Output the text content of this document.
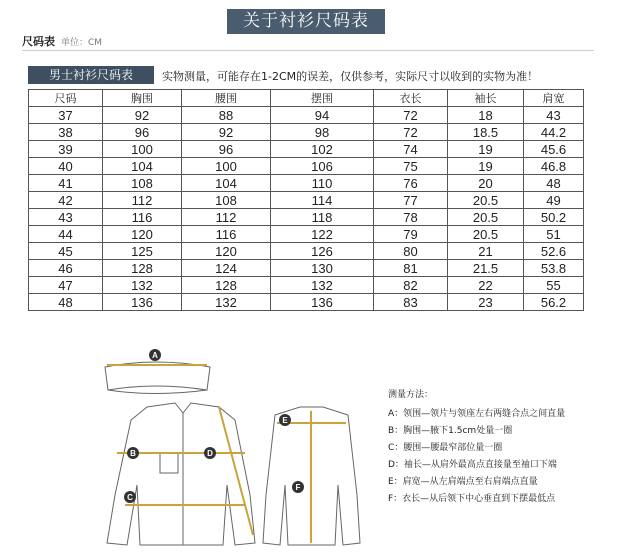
关于衬衫尺码表
尺码表 单位：CM
男士衬衫尺码表	实物测量，可能存在1-2CM的误差，仅供参考，实际尺寸以收到的实物为准！
尺码	胸围	腰围	摆围	衣长	袖长	肩宽
37	92	88	94	72	18	43
38	96	92	98	72	18.5	44.2
39	100	96	102	74	19	45.6
40	104	100	106	75	19	46.8
41	108	104	110	76	20	48
42	112	108	114	77	20.5	49
43	116	112	118	78	20.5	50.2
44	120	116	122	79	20.5	51
45	125	120	126	80	21	52.6
46	128	124	130	81	21.5	53.8
47	132	128	132	82	22	55
48	136	132	136	83	23	56.2
A
B
C
D
E
F
测量方法：
A：领围—领片与领座左右两缝合点之间直量
B：胸围—腋下1.5cm处量一圈
C：腰围—腰最窄部位量一圈
D：袖长—从肩外最高点直接量至袖口下端
E：肩宽—从左肩端点至右肩端点直量
F：衣长—从后领下中心垂直到下摆最低点
